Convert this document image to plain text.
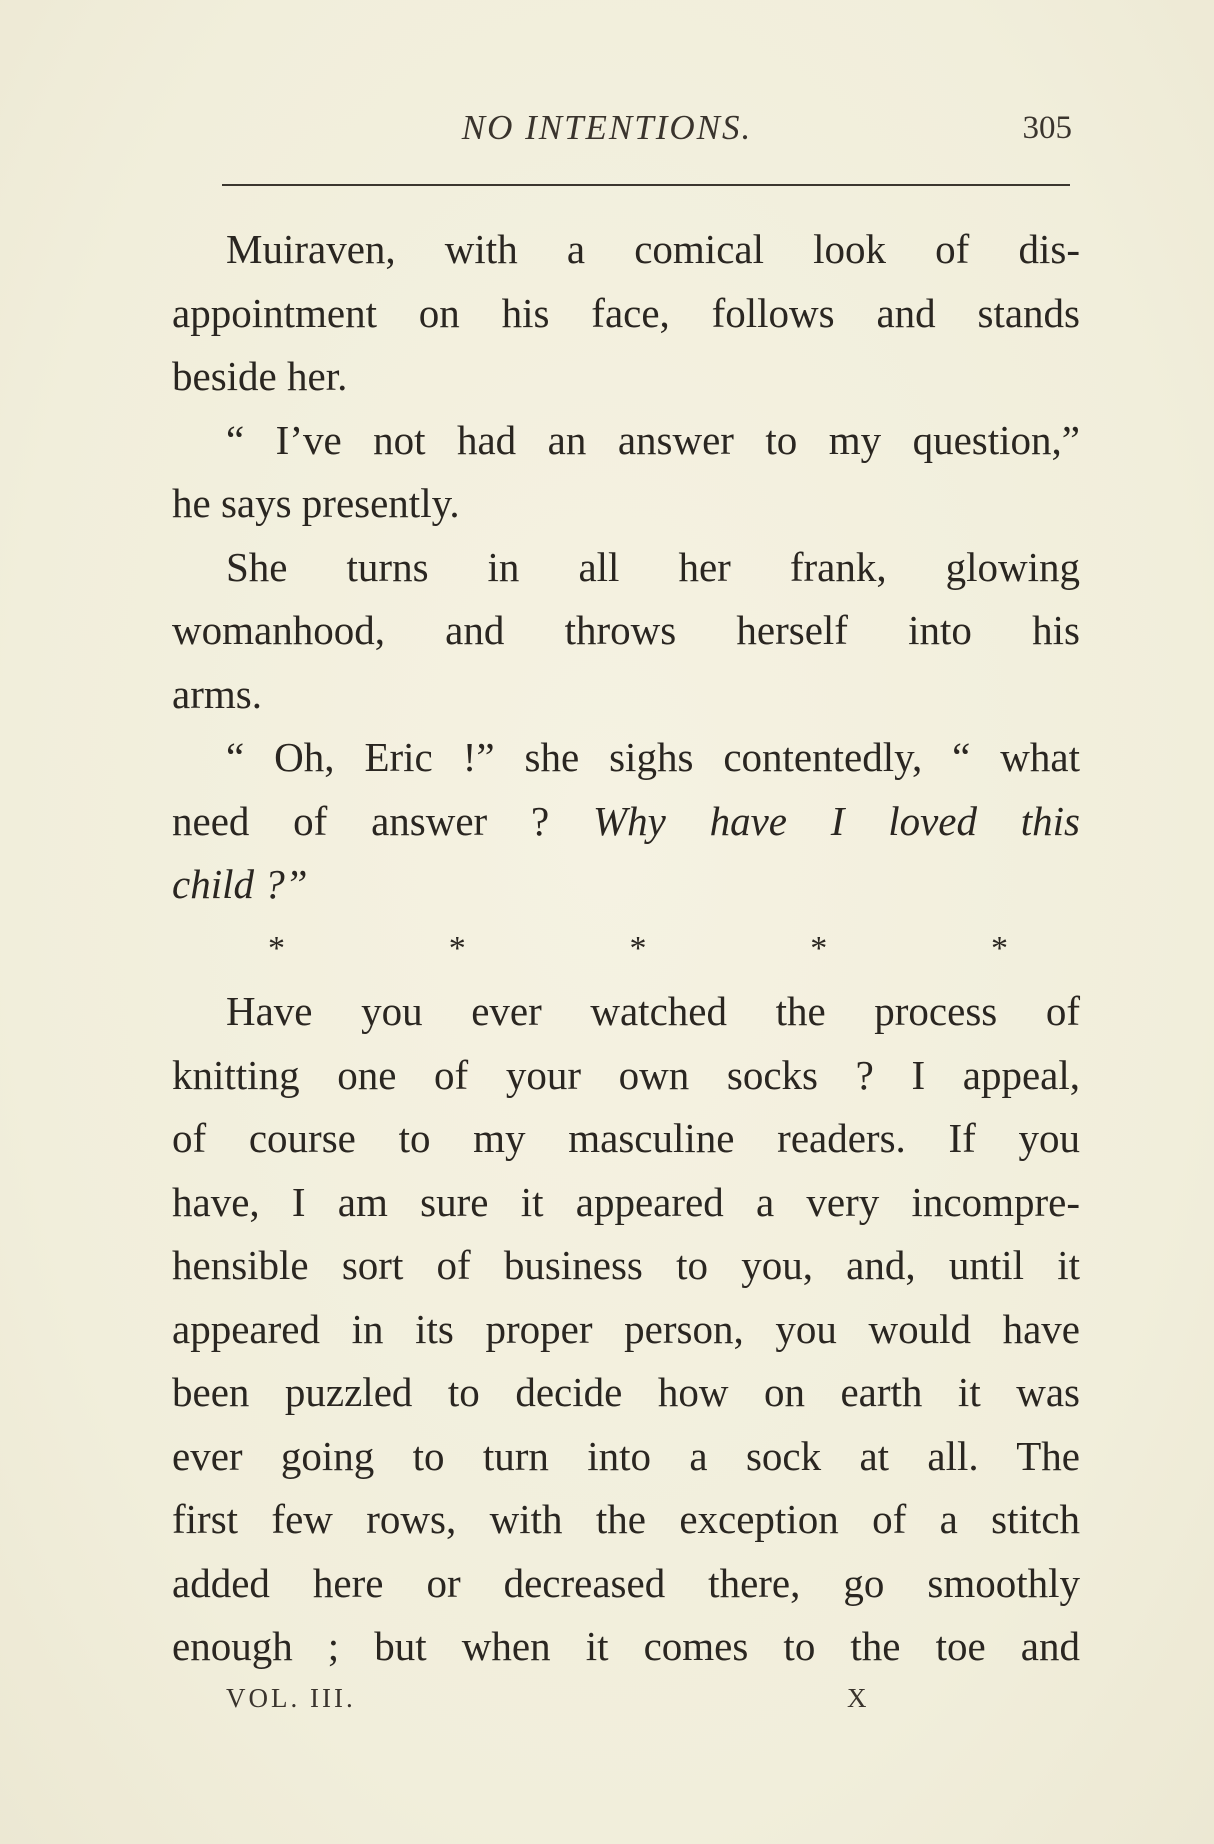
NO INTENTIONS.	305
Muiraven, with a comical look of dis-
appointment on his face, follows and stands
beside her.
“ I’ve not had an answer to my question,”
he says presently.
She turns in all her frank, glowing
womanhood, and throws herself into his
arms.
“ Oh, Eric !” she sighs contentedly, “ what
need of answer ? Why have I loved this
child ?”
*	*	*	*	*
Have you ever watched the process of
knitting one of your own socks ? I appeal,
of course to my masculine readers. If you
have, I am sure it appeared a very incompre-
hensible sort of business to you, and, until it
appeared in its proper person, you would have
been puzzled to decide how on earth it was
ever going to turn into a sock at all. The
first few rows, with the exception of a stitch
added here or decreased there, go smoothly
enough ; but when it comes to the toe and
VOL. III.	X
